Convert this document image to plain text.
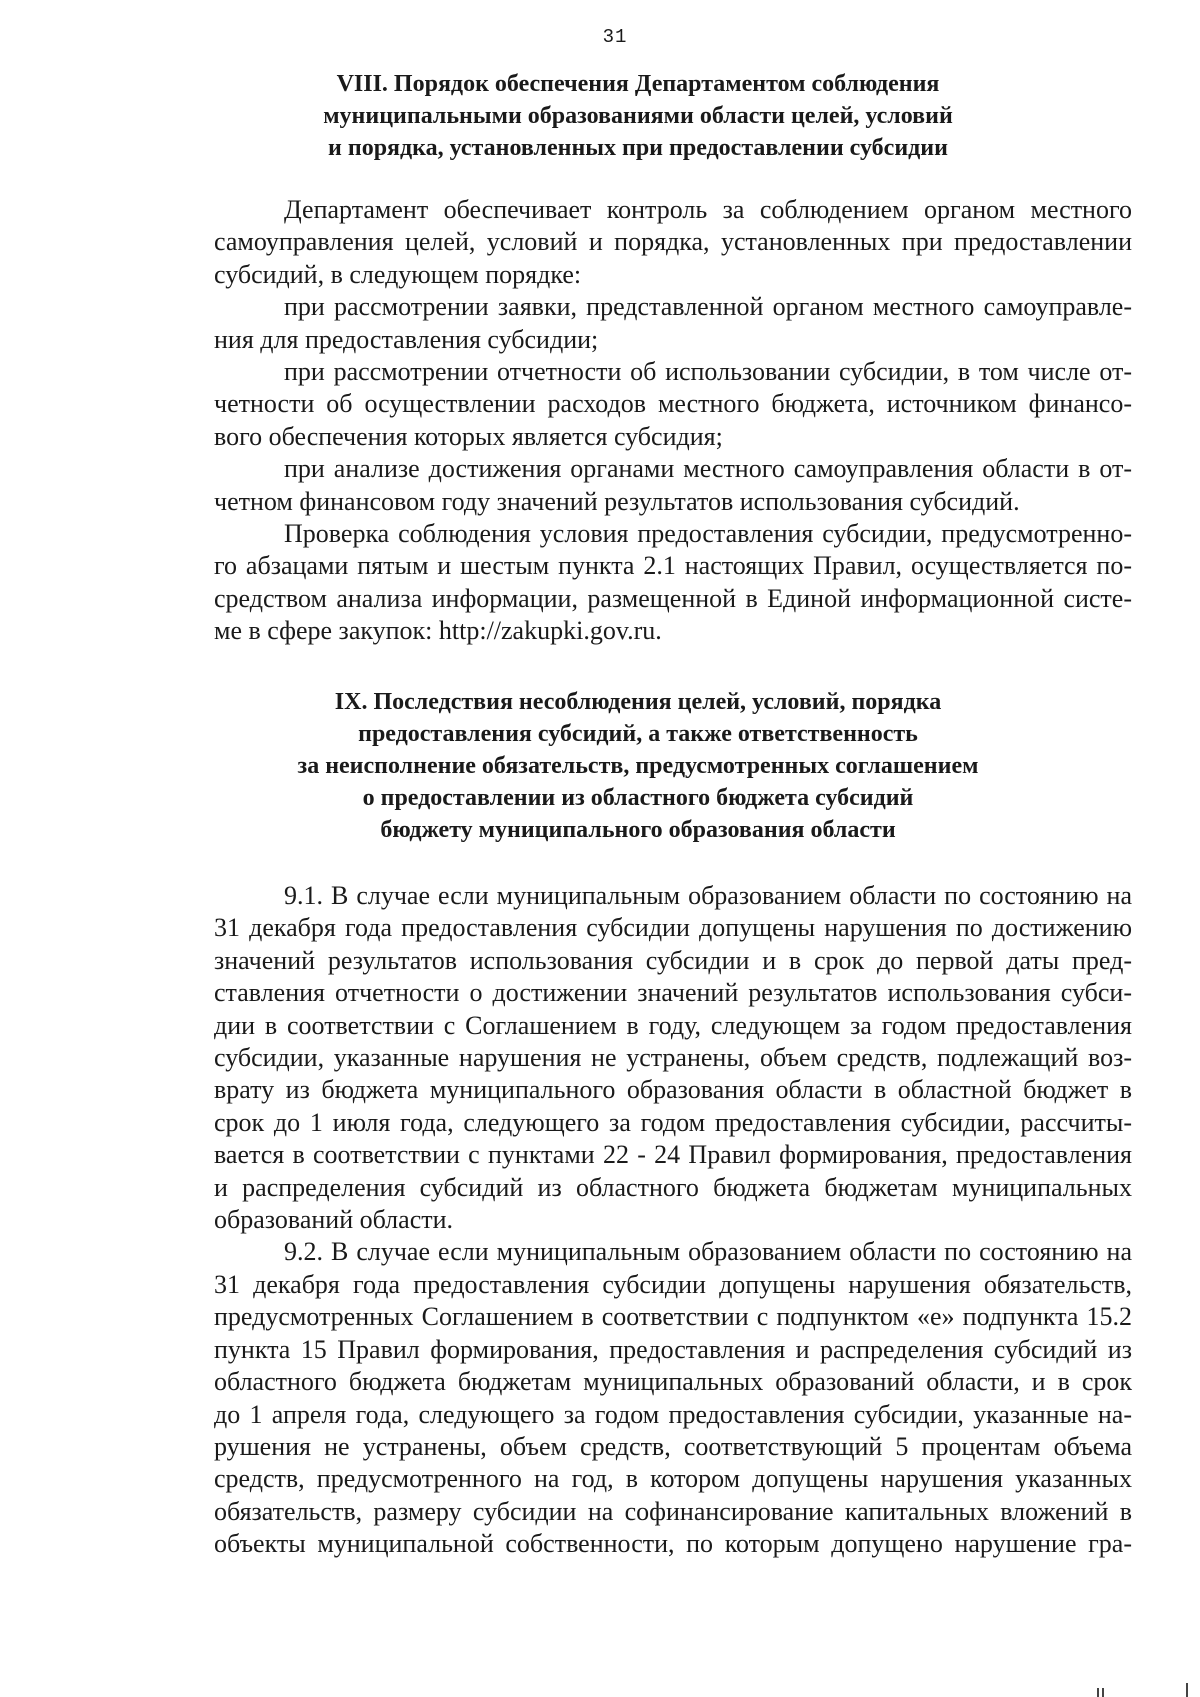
31
VIII. Порядок обеспечения Департаментом соблюдения
муниципальными образованиями области целей, условий
и порядка, установленных при предоставлении субсидии
Департамент обеспечивает контроль за соблюдением органом местного
самоуправления целей, условий и порядка, установленных при предоставлении
субсидий, в следующем порядке:
при рассмотрении заявки, представленной органом местного самоуправле-
ния для предоставления субсидии;
при рассмотрении отчетности об использовании субсидии, в том числе от-
четности об осуществлении расходов местного бюджета, источником финансо-
вого обеспечения которых является субсидия;
при анализе достижения органами местного самоуправления области в от-
четном финансовом году значений результатов использования субсидий.
Проверка соблюдения условия предоставления субсидии, предусмотренно-
го абзацами пятым и шестым пункта 2.1 настоящих Правил, осуществляется по-
средством анализа информации, размещенной в Единой информационной систе-
ме в сфере закупок: http://zakupki.gov.ru.
IX. Последствия несоблюдения целей, условий, порядка
предоставления субсидий, а также ответственность
за неисполнение обязательств, предусмотренных соглашением
о предоставлении из областного бюджета субсидий
бюджету муниципального образования области
9.1. В случае если муниципальным образованием области по состоянию на
31 декабря года предоставления субсидии допущены нарушения по достижению
значений результатов использования субсидии и в срок до первой даты пред-
ставления отчетности о достижении значений результатов использования субси-
дии в соответствии с Соглашением в году, следующем за годом предоставления
субсидии, указанные нарушения не устранены, объем средств, подлежащий воз-
врату из бюджета муниципального образования области в областной бюджет в
срок до 1 июля года, следующего за годом предоставления субсидии, рассчиты-
вается в соответствии с пунктами 22 - 24 Правил формирования, предоставления
и распределения субсидий из областного бюджета бюджетам муниципальных
образований области.
9.2. В случае если муниципальным образованием области по состоянию на
31 декабря года предоставления субсидии допущены нарушения обязательств,
предусмотренных Соглашением в соответствии с подпунктом «е» подпункта 15.2
пункта 15 Правил формирования, предоставления и распределения субсидий из
областного бюджета бюджетам муниципальных образований области, и в срок
до 1 апреля года, следующего за годом предоставления субсидии, указанные на-
рушения не устранены, объем средств, соответствующий 5 процентам объема
средств, предусмотренного на год, в котором допущены нарушения указанных
обязательств, размеру субсидии на софинансирование капитальных вложений в
объекты муниципальной собственности, по которым допущено нарушение гра-
